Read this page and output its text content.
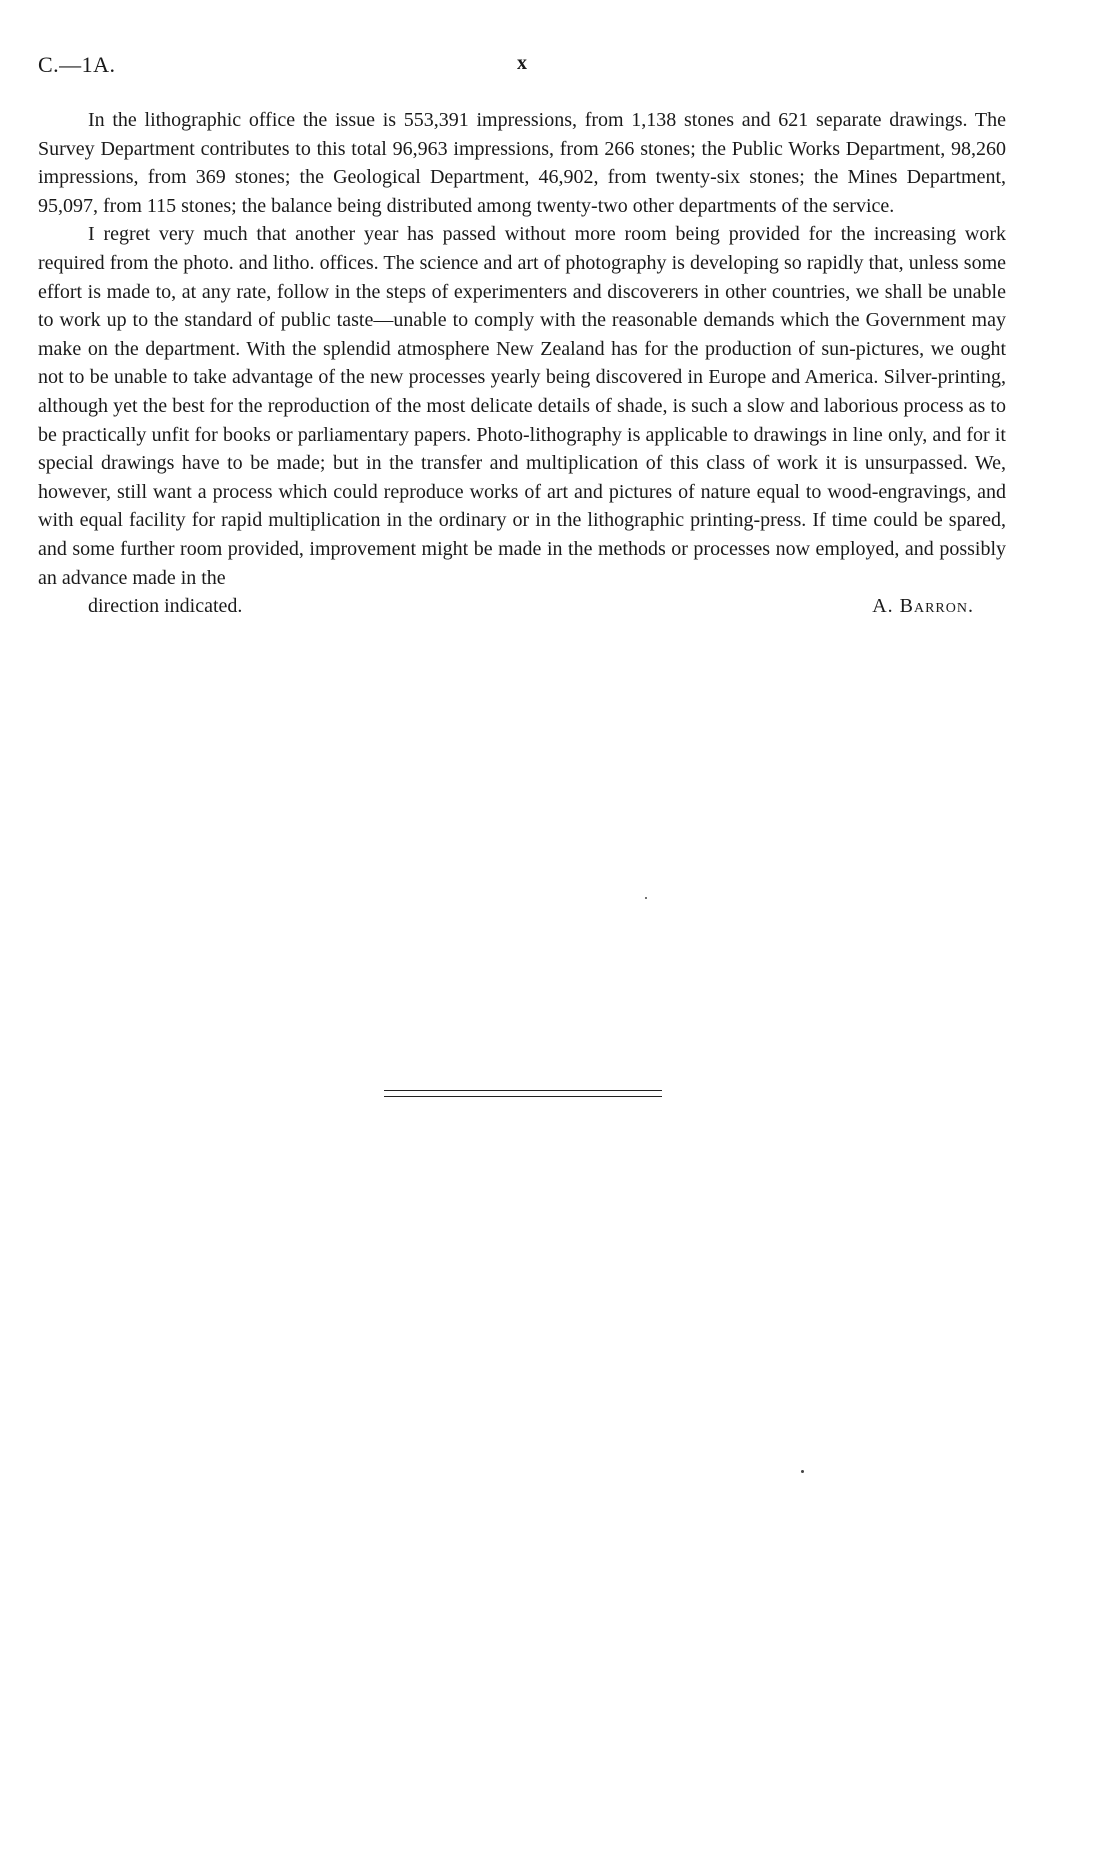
C.—1A.	x

In the lithographic office the issue is 553,391 impressions, from 1,138 stones and 621 separate drawings. The Survey Department contributes to this total 96,963 impressions, from 266 stones; the Public Works Department, 98,260 impressions, from 369 stones; the Geological Department, 46,902, from twenty-six stones; the Mines Department, 95,097, from 115 stones; the balance being distributed among twenty-two other departments of the service.

I regret very much that another year has passed without more room being provided for the increasing work required from the photo. and litho. offices. The science and art of photography is developing so rapidly that, unless some effort is made to, at any rate, follow in the steps of experimenters and discoverers in other countries, we shall be unable to work up to the standard of public taste—unable to comply with the reasonable demands which the Government may make on the department. With the splendid atmosphere New Zealand has for the production of sun-pictures, we ought not to be unable to take advantage of the new processes yearly being discovered in Europe and America. Silver-printing, although yet the best for the reproduction of the most delicate details of shade, is such a slow and laborious process as to be practically unfit for books or parliamentary papers. Photo-lithography is applicable to drawings in line only, and for it special drawings have to be made; but in the transfer and multiplication of this class of work it is unsurpassed. We, however, still want a process which could reproduce works of art and pictures of nature equal to wood-engravings, and with equal facility for rapid multiplication in the ordinary or in the lithographic printing-press. If time could be spared, and some further room provided, improvement might be made in the methods or processes now employed, and possibly an advance made in the

direction indicated.	A. Barron.
